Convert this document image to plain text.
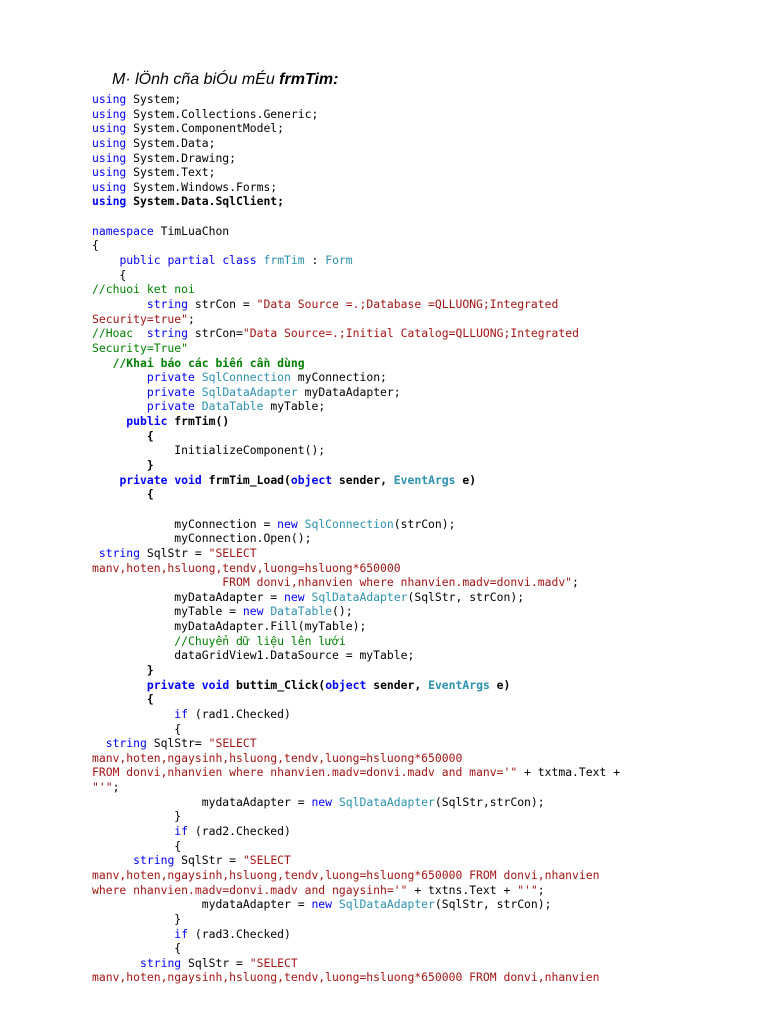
M· lÖnh cña biÓu mÉu frmTim:
using System;
using System.Collections.Generic;
using System.ComponentModel;
using System.Data;
using System.Drawing;
using System.Text;
using System.Windows.Forms;
using System.Data.SqlClient;

namespace TimLuaChon
{
public partial class frmTim : Form
{
//chuoi ket noi
string strCon = "Data Source =.;Database =QLLUONG;Integrated
Security=true";
//Hoac  string strCon="Data Source=.;Initial Catalog=QLLUONG;Integrated
Security=True"
//Khai báo các biến cần dùng
private SqlConnection myConnection;
private SqlDataAdapter myDataAdapter;
private DataTable myTable;
public frmTim()
{
InitializeComponent();
}
private void frmTim_Load(object sender, EventArgs e)
{

myConnection = new SqlConnection(strCon);
myConnection.Open();
string SqlStr = "SELECT
manv,hoten,hsluong,tendv,luong=hsluong*650000
FROM donvi,nhanvien where nhanvien.madv=donvi.madv";
myDataAdapter = new SqlDataAdapter(SqlStr, strCon);
myTable = new DataTable();
myDataAdapter.Fill(myTable);
//Chuyển dữ liệu lên lưới
dataGridView1.DataSource = myTable;
}
private void buttim_Click(object sender, EventArgs e)
{
if (rad1.Checked)
{
string SqlStr= "SELECT
manv,hoten,ngaysinh,hsluong,tendv,luong=hsluong*650000
FROM donvi,nhanvien where nhanvien.madv=donvi.madv and manv='" + txtma.Text +
"'";
mydataAdapter = new SqlDataAdapter(SqlStr,strCon);
}
if (rad2.Checked)
{
string SqlStr = "SELECT
manv,hoten,ngaysinh,hsluong,tendv,luong=hsluong*650000 FROM donvi,nhanvien
where nhanvien.madv=donvi.madv and ngaysinh='" + txtns.Text + "'";
mydataAdapter = new SqlDataAdapter(SqlStr, strCon);
}
if (rad3.Checked)
{
string SqlStr = "SELECT
manv,hoten,ngaysinh,hsluong,tendv,luong=hsluong*650000 FROM donvi,nhanvien
